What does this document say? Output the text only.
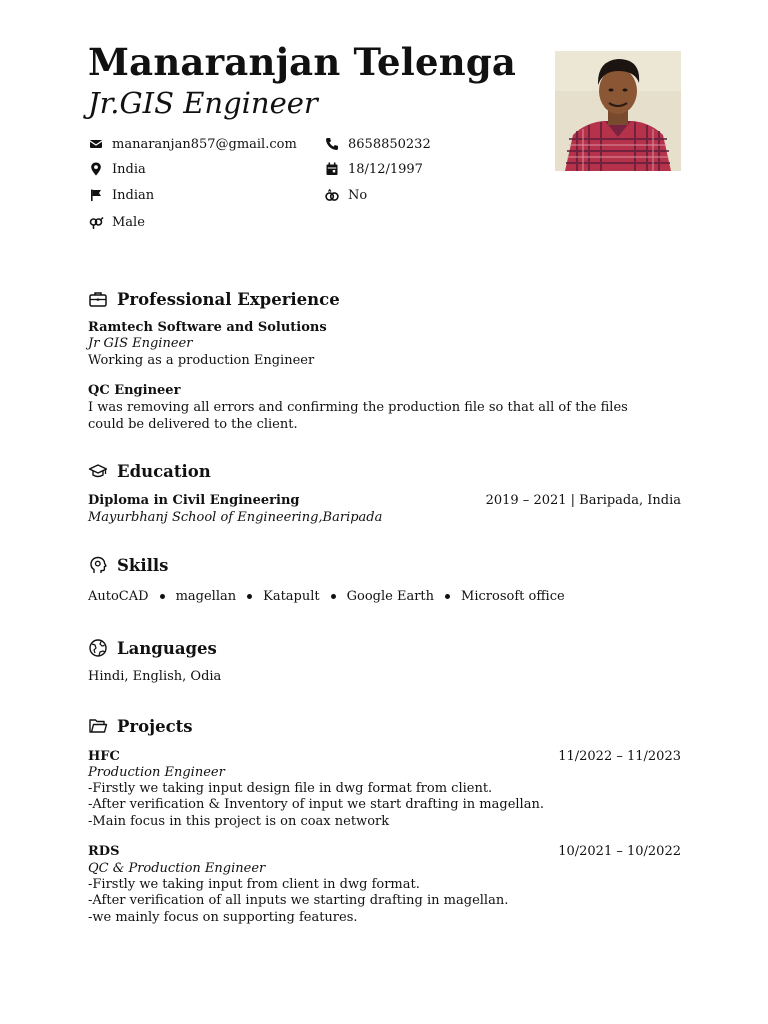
Manaranjan Telenga
Jr.GIS Engineer
manaranjan857@gmail.com
India
Indian
Male
8658850232
18/12/1997
No
Professional Experience
Ramtech Software and Solutions
Jr GIS Engineer
Working as a production Engineer
QC Engineer
I was removing all errors and confirming the production file so that all of the files could be delivered to the client.
Education
Diploma in Civil Engineering	2019 – 2021 | Baripada, India
Mayurbhanj School of Engineering,Baripada
Skills
AutoCAD magellan Katapult Google Earth Microsoft office
Languages
Hindi, English, Odia
Projects
HFC	11/2022 – 11/2023
Production Engineer
-Firstly we taking input design file in dwg format from client.
-After verification & Inventory of input we start drafting in magellan.
-Main focus in this project is on coax network
RDS	10/2021 – 10/2022
QC & Production Engineer
-Firstly we taking input from client in dwg format.
-After verification of all inputs we starting drafting in magellan.
-we mainly focus on supporting features.
